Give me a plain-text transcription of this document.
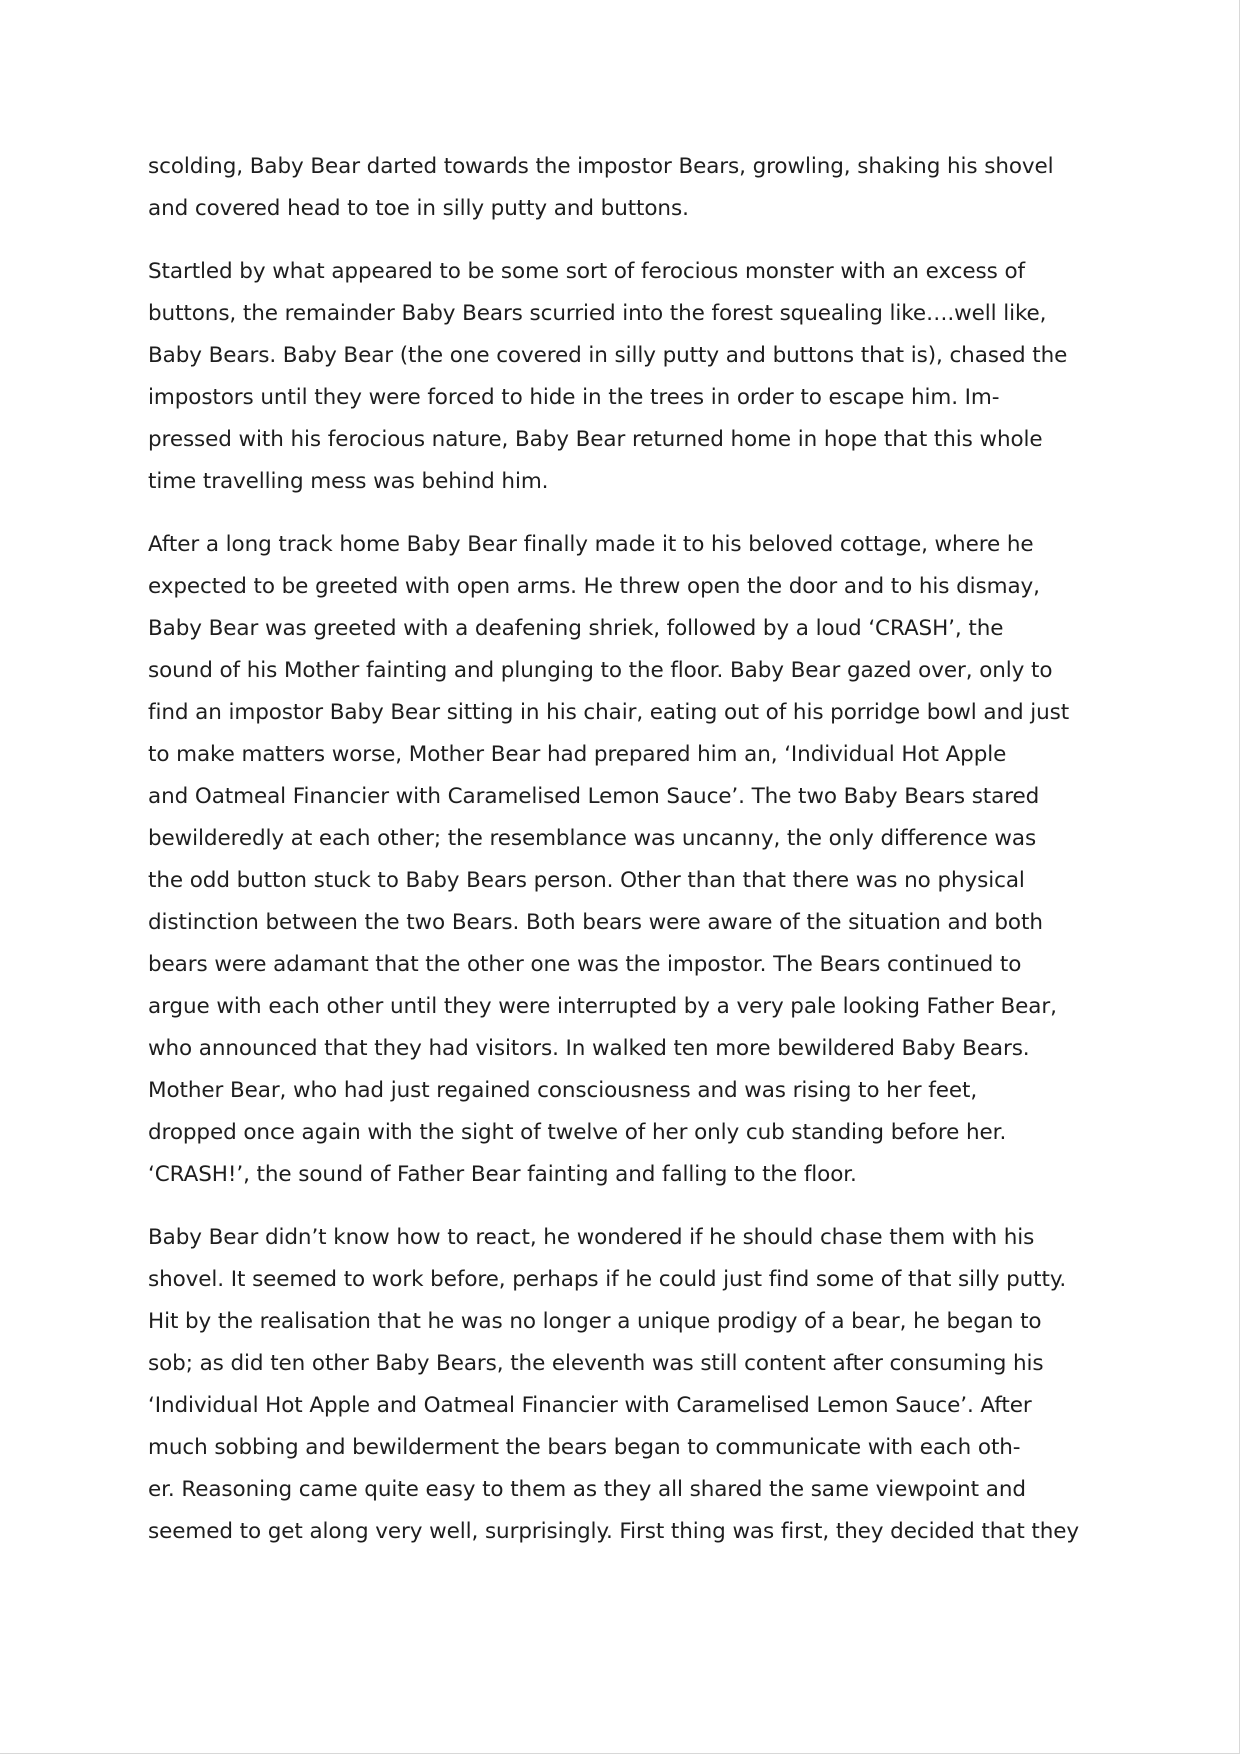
scolding, Baby Bear darted towards the impostor Bears, growling, shaking his shovel
and covered head to toe in silly putty and buttons.
Startled by what appeared to be some sort of ferocious monster with an excess of
buttons, the remainder Baby Bears scurried into the forest squealing like….well like,
Baby Bears. Baby Bear (the one covered in silly putty and buttons that is), chased the
impostors until they were forced to hide in the trees in order to escape him. Im-
pressed with his ferocious nature, Baby Bear returned home in hope that this whole
time travelling mess was behind him.
After a long track home Baby Bear finally made it to his beloved cottage, where he
expected to be greeted with open arms. He threw open the door and to his dismay,
Baby Bear was greeted with a deafening shriek, followed by a loud ‘CRASH’, the
sound of his Mother fainting and plunging to the floor. Baby Bear gazed over, only to
find an impostor Baby Bear sitting in his chair, eating out of his porridge bowl and just
to make matters worse, Mother Bear had prepared him an, ‘Individual Hot Apple
and Oatmeal Financier with Caramelised Lemon Sauce’. The two Baby Bears stared
bewilderedly at each other; the resemblance was uncanny, the only difference was
the odd button stuck to Baby Bears person. Other than that there was no physical
distinction between the two Bears. Both bears were aware of the situation and both
bears were adamant that the other one was the impostor. The Bears continued to
argue with each other until they were interrupted by a very pale looking Father Bear,
who announced that they had visitors. In walked ten more bewildered Baby Bears.
Mother Bear, who had just regained consciousness and was rising to her feet,
dropped once again with the sight of twelve of her only cub standing before her.
‘CRASH!’, the sound of Father Bear fainting and falling to the floor.
Baby Bear didn’t know how to react, he wondered if he should chase them with his
shovel. It seemed to work before, perhaps if he could just find some of that silly putty.
Hit by the realisation that he was no longer a unique prodigy of a bear, he began to
sob; as did ten other Baby Bears, the eleventh was still content after consuming his
‘Individual Hot Apple and Oatmeal Financier with Caramelised Lemon Sauce’. After
much sobbing and bewilderment the bears began to communicate with each oth-
er. Reasoning came quite easy to them as they all shared the same viewpoint and
seemed to get along very well, surprisingly. First thing was first, they decided that they
